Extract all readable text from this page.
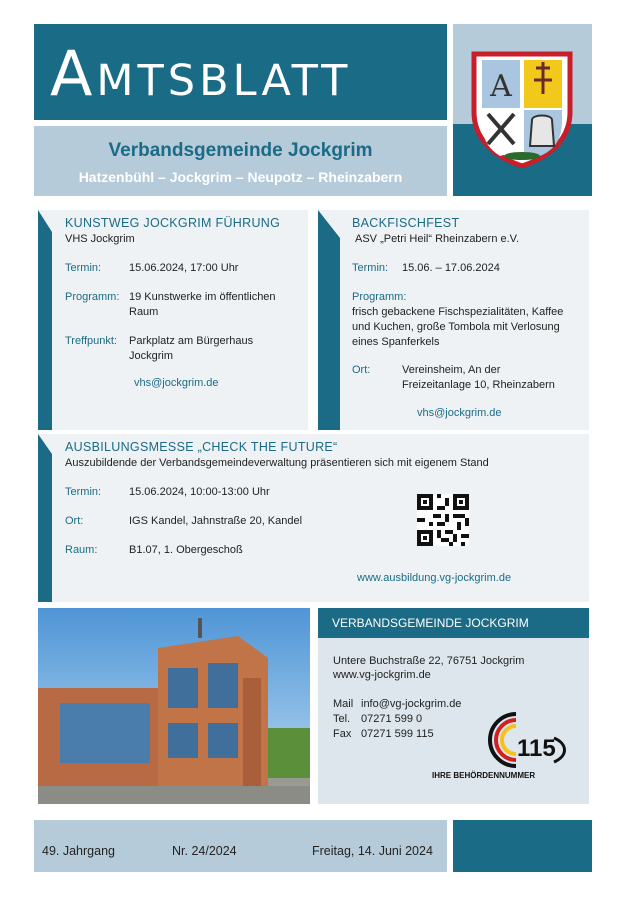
Amtsblatt
Verbandsgemeinde Jockgrim
Hatzenbühl – Jockgrim – Neupotz – Rheinzabern
A
KUNSTWEG JOCKGRIM FÜHRUNG
VHS Jockgrim
Termin:	15.06.2024, 17:00 Uhr
Programm: 19 Kunstwerke im öffentlichen Raum
Treffpunkt: Parkplatz am Bürgerhaus Jockgrim
vhs@jockgrim.de
BACKFISCHFEST
ASV „Petri Heil“ Rheinzabern e.V.
Termin: 15.06. – 17.06.2024
Programm:
frisch gebackene Fischspezialitäten, Kaffee und Kuchen, große Tombola mit Verlosung eines Spanferkels
Ort:	Vereinsheim, An der Freizeitanlage 10, Rheinzabern
vhs@jockgrim.de
AUSBILUNGSMESSE „CHECK THE FUTURE“
Auszubildende der Verbandsgemeindeverwaltung präsentieren sich mit eigenem Stand
Termin:	15.06.2024, 10:00-13:00 Uhr
Ort:	IGS Kandel, Jahnstraße 20, Kandel
Raum:	B1.07, 1. Obergeschoß
www.ausbildung.vg-jockgrim.de
VERBANDSGEMEINDE JOCKGRIM
Untere Buchstraße 22, 76751 Jockgrim
www.vg-jockgrim.de
Mail info@vg-jockgrim.de
Tel. 07271 599 0
Fax 07271 599 115
115
IHRE BEHÖRDENNUMMER
49. Jahrgang	Nr. 24/2024	Freitag, 14. Juni 2024
